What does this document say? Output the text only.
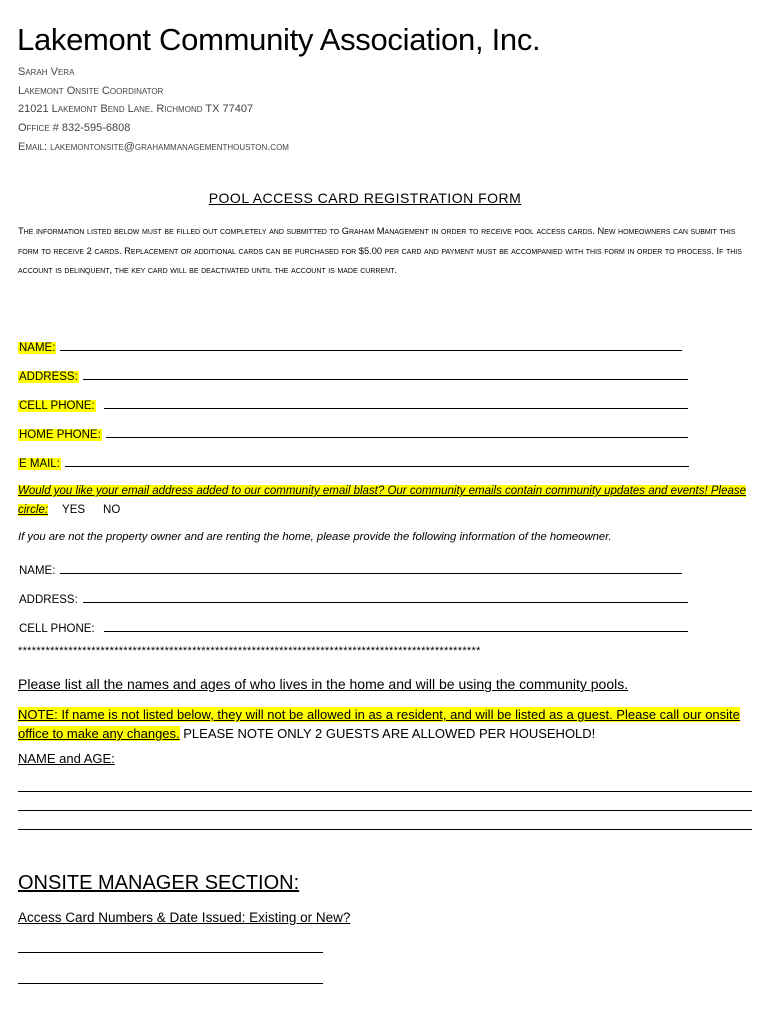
Lakemont Community Association, Inc.
Sarah Vera
Lakemont Onsite Coordinator
21021 Lakemont Bend Lane. Richmond TX 77407
Office # 832-595-6808
Email: lakemontonsite@grahammanagementhouston.com
POOL ACCESS CARD REGISTRATION FORM
The information listed below must be filled out completely and submitted to Graham Management in order to receive pool access cards. New homeowners can submit this form to receive 2 cards. Replacement or additional cards can be purchased for $5.00 per card and payment must be accompanied with this form in order to process. If this account is delinquent, the key card will be deactivated until the account is made current.
NAME:
ADDRESS:
CELL PHONE:
HOME PHONE:
E MAIL:
Would you like your email address added to our community email blast? Our community emails contain community updates and events! Please circle: YES NO
If you are not the property owner and are renting the home, please provide the following information of the homeowner.
NAME:
ADDRESS:
CELL PHONE:
*****************************************************************************************************
Please list all the names and ages of who lives in the home and will be using the community pools.
NOTE: If name is not listed below, they will not be allowed in as a resident, and will be listed as a guest. Please call our onsite office to make any changes. PLEASE NOTE ONLY 2 GUESTS ARE ALLOWED PER HOUSEHOLD!
NAME and AGE:
ONSITE MANAGER SECTION:
Access Card Numbers & Date Issued: Existing or New?
